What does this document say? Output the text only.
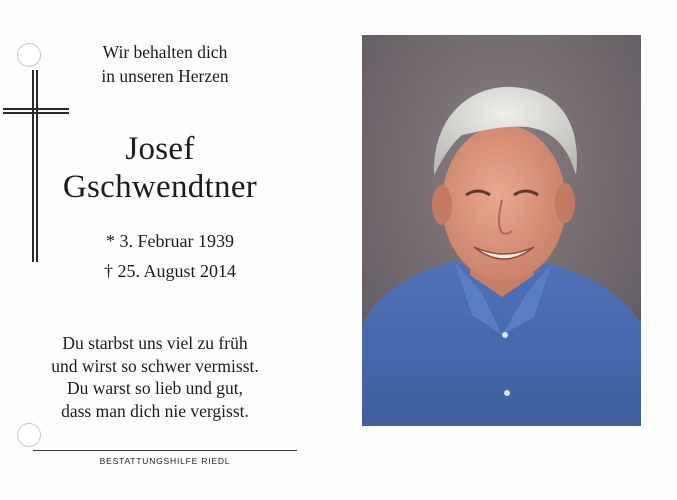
Wir behalten dich
in unseren Herzen
Josef
Gschwendtner
* 3. Februar 1939
† 25. August 2014
Du starbst uns viel zu früh
und wirst so schwer vermisst.
Du warst so lieb und gut,
dass man dich nie vergisst.
BESTATTUNGSHILFE RIEDL
